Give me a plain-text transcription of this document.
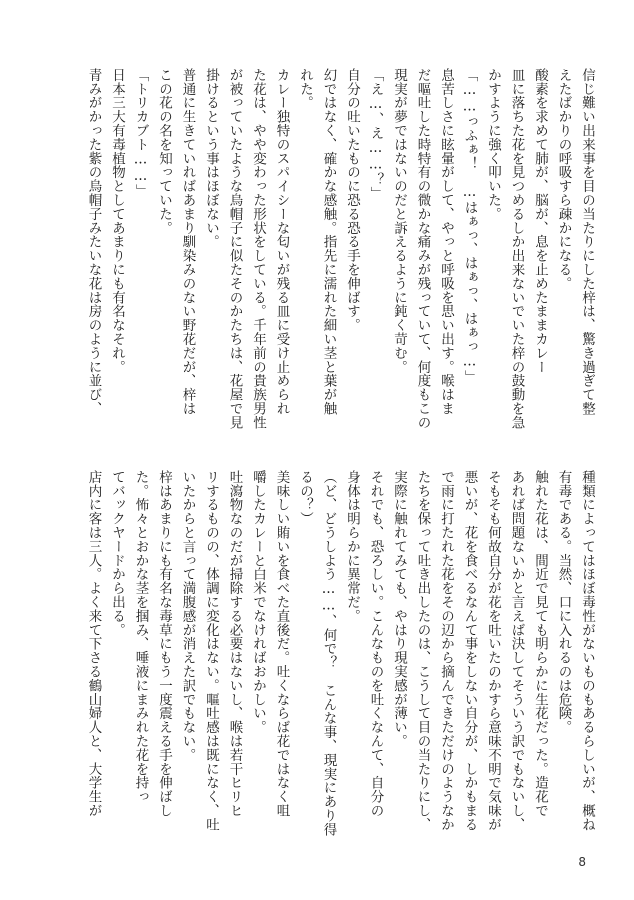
信じ難い出来事を目の当たりにした梓は、驚き過ぎて整
えたばかりの呼吸すら疎かになる。
酸素を求めて肺が、脳が、息を止めたままカレー
皿に落ちた花を見つめるしか出来ないでいた梓の鼓動を急
かすように強く叩いた。
「……っふぁ！　…はぁっ、はぁっ、はぁっ…」
息苦しさに眩暈がして、やっと呼吸を思い出す。喉はま
だ嘔吐した時特有の微かな痛みが残っていて、何度もこの
現実が夢ではないのだと訴えるように鈍く苛む。
「え…、え……？」
自分の吐いたものに恐る恐る手を伸ばす。
幻ではなく、確かな感触。指先に濡れた細い茎と葉が触
れた。
カレー独特のスパイシーな匂いが残る皿に受け止められ
た花は、やや変わった形状をしている。千年前の貴族男性
が被っていたような烏帽子に似たそのかたちは、花屋で見
掛けるという事はほぼない。
普通に生きていればあまり馴染みのない野花だが、梓は
この花の名を知っていた。
「トリカブト……」
日本三大有毒植物としてあまりにも有名なそれ。
青みがかった紫の烏帽子みたいな花は房のように並び、
種類によってはほぼ毒性がないものもあるらしいが、概ね
有毒である。当然、口に入れるのは危険。
触れた花は、間近で見ても明らかに生花だった。造花で
あれば問題ないかと言えば決してそういう訳でもないし、
そもそも何故自分が花を吐いたのかすら意味不明で気味が
悪いが、花を食べるなんて事をしない自分が、しかもまる
で雨に打たれた花をその辺から摘んできただけのようなか
たちを保って吐き出したのは、こうして目の当たりにし、
実際に触れてみても、やはり現実感が薄い。
それでも、恐ろしい。こんなものを吐くなんて、自分の
身体は明らかに異常だ。
（ど、どうしよう……、何で？　こんな事、現実にあり得
るの？）
美味しい賄いを食べた直後だ。吐くならば花ではなく咀
嚼したカレーと白米でなければおかしい。
吐瀉物なのだが掃除する必要はないし、喉は若干ヒリヒ
リするものの、体調に変化はない。嘔吐感は既になく、吐
いたからと言って満腹感が消えた訳でもない。
梓はあまりにも有名な毒草にもう一度震える手を伸ばし
た。怖々とおかな茎を掴み、唾液にまみれた花を持っ
てバックヤードから出る。
店内に客は三人。よく来て下さる鶴山婦人と、大学生が
8
